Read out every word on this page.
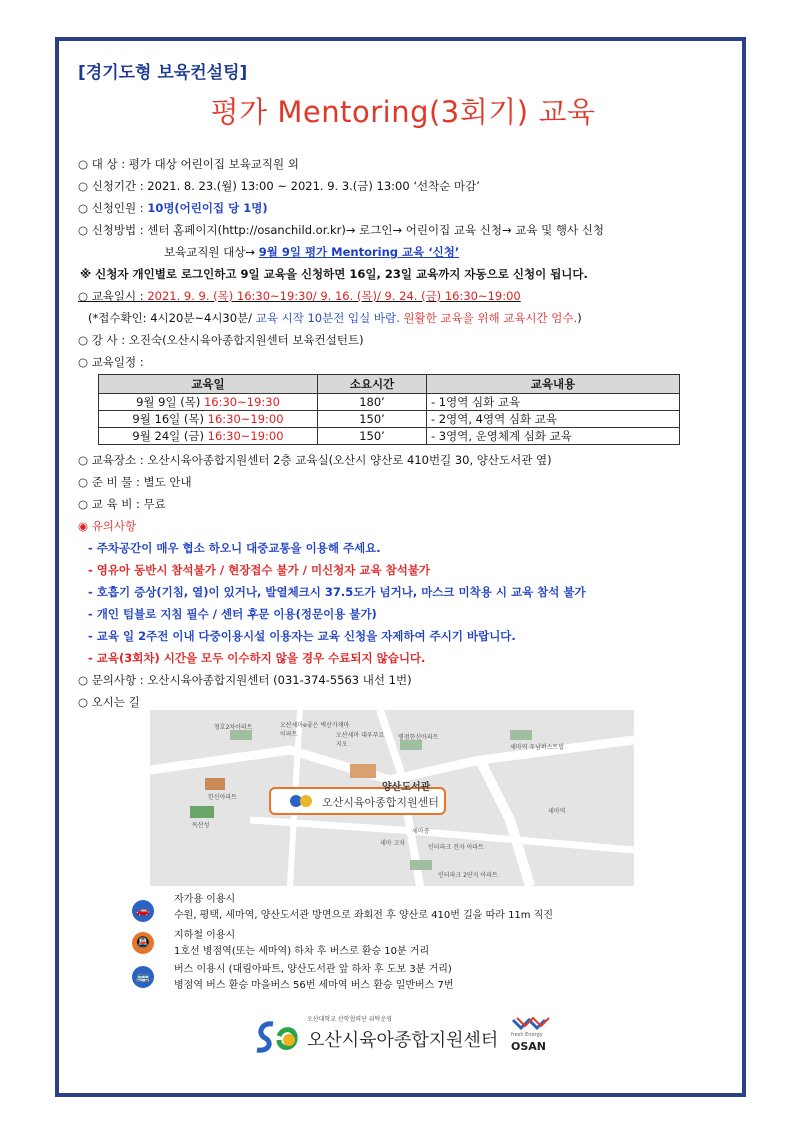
[경기도형 보육컨설팅]
평가 Mentoring(3회기) 교육
○ 대 상 : 평가 대상 어린이집 보육교직원 외
○ 신청기간 : 2021. 8. 23.(월) 13:00 ~ 2021. 9. 3.(금) 13:00 ‘선착순 마감’
○ 신청인원 : 10명(어린이집 당 1명)
○ 신청방법 : 센터 홈페이지(http://osanchild.or.kr)→ 로그인→ 어린이집 교육 신청→ 교육 및 행사 신청
보육교직원 대상→ 9월 9일 평가 Mentoring 교육 ‘신청’
※ 신청자 개인별로 로그인하고 9일 교육을 신청하면 16일, 23일 교육까지 자동으로 신청이 됩니다.
○ 교육일시 : 2021. 9. 9. (목) 16:30~19:30/ 9. 16. (목)/ 9. 24. (금) 16:30~19:00
(*접수확인: 4시20분~4시30분/ 교육 시작 10분전 입실 바람. 원활한 교육을 위해 교육시간 엄수.)
○ 강 사 : 오진숙(오산시육아종합지원센터 보육컨설턴트)
○ 교육일정 :
교육일	소요시간	교육내용
9월 9일 (목) 16:30~19:30	180’	- 1영역 심화 교육
9월 16일 (목) 16:30~19:00	150’	- 2영역, 4영역 심화 교육
9월 24일 (금) 16:30~19:00	150’	- 3영역, 운영체계 심화 교육
○ 교육장소 : 오산시육아종합지원센터 2층 교육실(오산시 양산로 410번길 30, 양산도서관 옆)
○ 준 비 물 : 별도 안내
○ 교 육 비 : 무료
◉ 유의사항
- 주차공간이 매우 협소 하오니 대중교통을 이용해 주세요.
- 영유아 동반시 참석불가 / 현장접수 불가 / 미신청자 교육 참석불가
- 호흡기 증상(기침, 열)이 있거나, 발열체크시 37.5도가 넘거나, 마스크 미착용 시 교육 참석 불가
- 개인 텀블로 지침 필수 / 센터 후문 이용(정문이용 불가)
- 교육 일 2주전 이내 다중이용시설 이용자는 교육 신청을 자제하여 주시기 바랍니다.
- 교육(3회차) 시간을 모두 이수하지 않을 경우 수료되지 않습니다.
○ 문의사항 : 오산시육아종합지원센터 (031-374-5563 내선 1번)
○ 오시는 길
오산시육아종합지원센터
양산도서관
청호2차아파트	오산세마e좋은 벽산가재마이파트	오산세마 대우푸르지오
병점한신아파트
세마역 우남퍼스트빌
한신아파트
독산성
세마역
세마중
세마 고차
인터파크 전자 아파트
인터파크 2단지 아파트
🚗
자가용 이용시
수원, 평택, 세마역, 양산도서관 방면으로 좌회전 후 양산로 410번 길을 따라 11m 직진
🚇
지하철 이용시
1호선 병점역(또는 세마역) 하차 후 버스로 환승 10분 거리
🚌
버스 이용시 (대림아파트, 양산도서관 앞 하차 후 도보 3분 거리)
병점역 버스 환승 마을버스 56번 세마역 버스 환승 일반버스 7번
오산대학교 산학협력단 위탁운영
오산시육아종합지원센터	fresh Energy
OSAN
